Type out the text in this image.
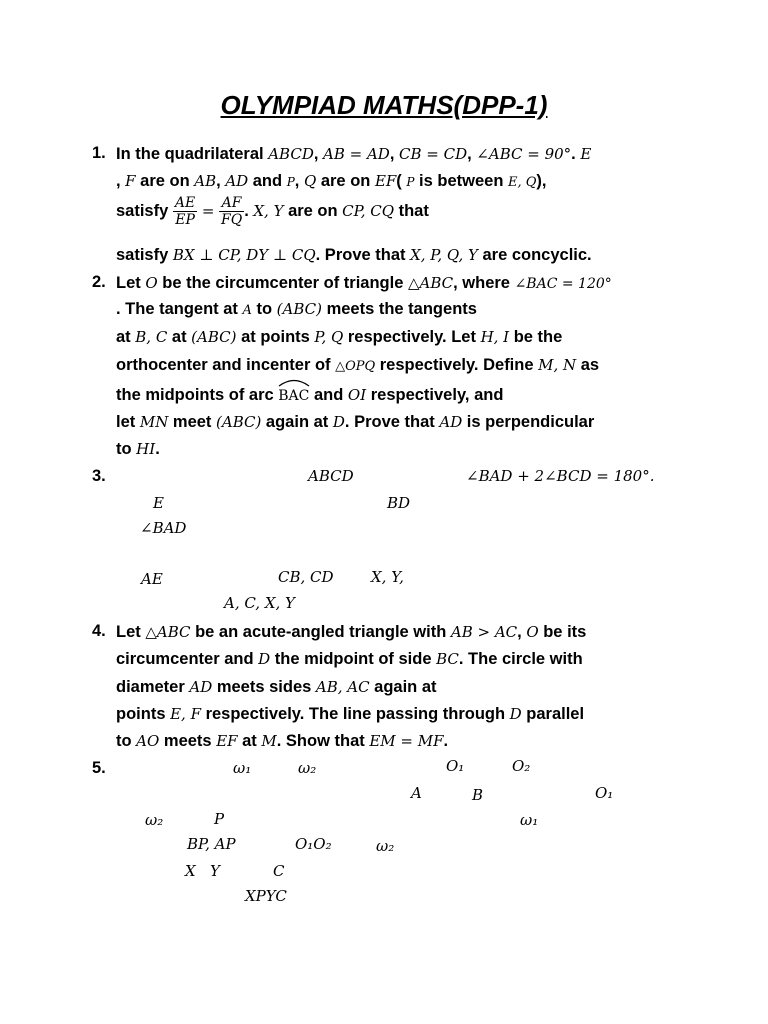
OLYMPIAD MATHS(DPP-1)
1. In the quadrilateral ABCD, AB = AD, CB = CD, ∠ABC = 90°. E
, F are on AB, AD and P, Q are on EF( P is between E, Q),
satisfy $\frac{AE}{EP} = \frac{AF}{FQ}$ . X, Y are on CP, CQ that
satisfy BX ⊥ CP, DY ⊥ CQ. Prove that X, P, Q, Y are concyclic.
2. Let O be the circumcenter of triangle △ABC, where ∠BAC = 120°
. The tangent at A to (ABC) meets the tangents
at B, C at (ABC) at points P, Q respectively. Let H, I be the
orthocenter and incenter of △OPQ respectively. Define M, N as
the midpoints of arc
BAC and OI respectively, and
let MN meet (ABC) again at D. Prove that AD is perpendicular
to HI.
3.	ABCD	∠BAD + 2∠BCD = 180°.
E	BD
∠BAD
AE	CB, CD X, Y,
A, C, X, Y
4. Let △ABC be an acute-angled triangle with AB > AC, O be its
circumcenter and D the midpoint of side BC. The circle with
diameter AD meets sides AB, AC again at
points E, F respectively. The line passing through D parallel
to AO meets EF at M. Show that EM = MF.
5.	ω₁	ω₂	O₁	O₂
A	B	O₁
ω₂	P	ω₁
BP, AP	O₁O₂	ω₂
X Y	C
XPYC
